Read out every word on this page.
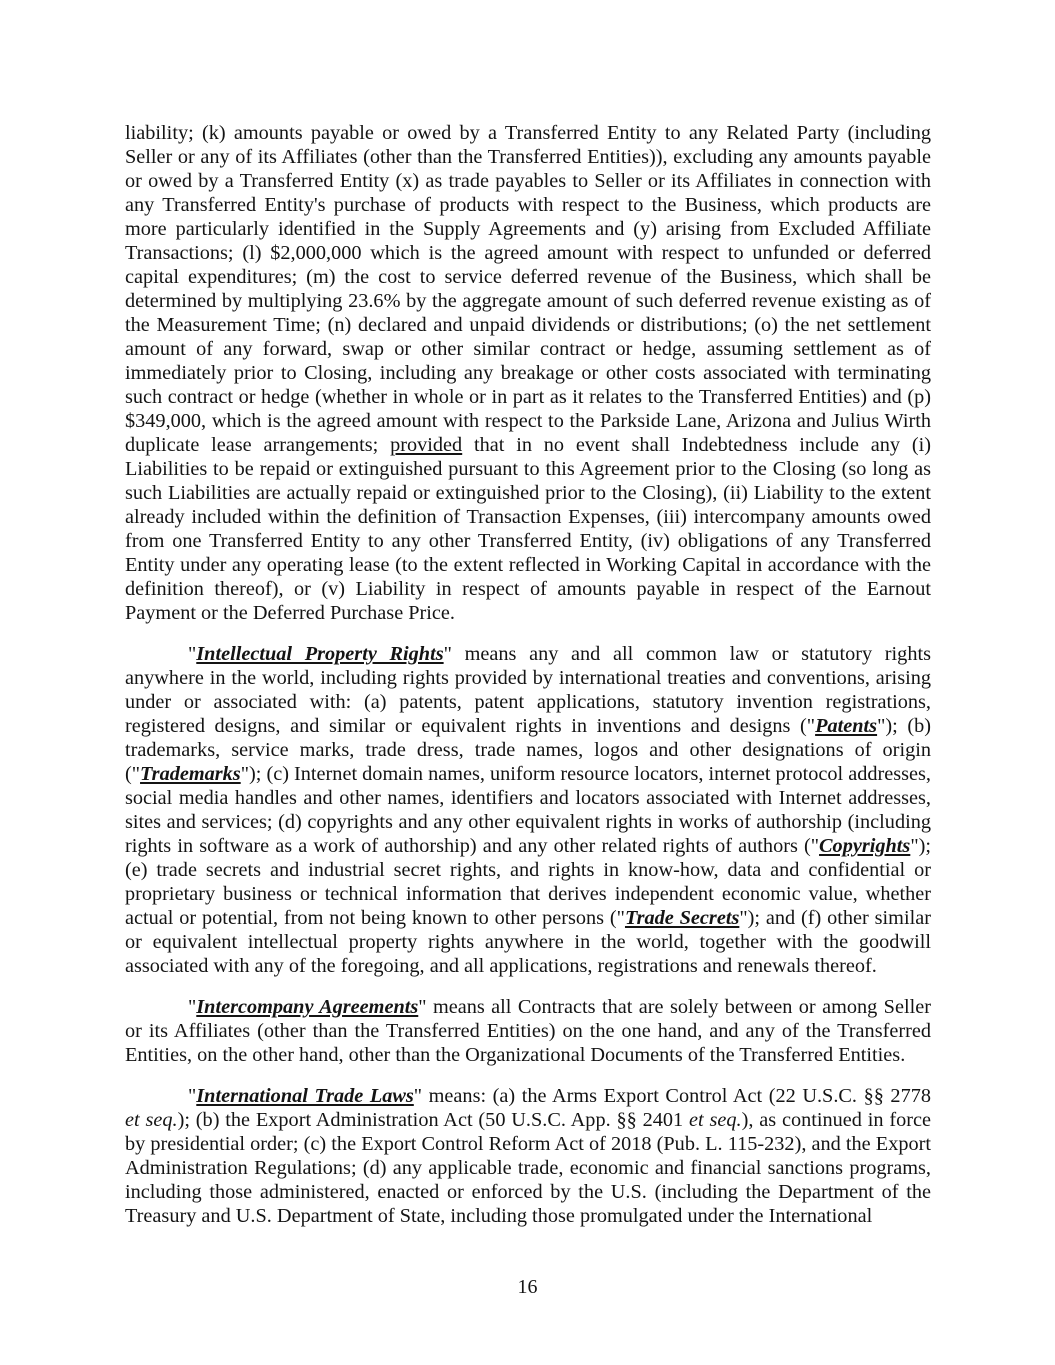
liability; (k) amounts payable or owed by a Transferred Entity to any Related Party (including Seller or any of its Affiliates (other than the Transferred Entities)), excluding any amounts payable or owed by a Transferred Entity (x) as trade payables to Seller or its Affiliates in connection with any Transferred Entity's purchase of products with respect to the Business, which products are more particularly identified in the Supply Agreements and (y) arising from Excluded Affiliate Transactions; (l) $2,000,000 which is the agreed amount with respect to unfunded or deferred capital expenditures; (m) the cost to service deferred revenue of the Business, which shall be determined by multiplying 23.6% by the aggregate amount of such deferred revenue existing as of the Measurement Time; (n) declared and unpaid dividends or distributions; (o) the net settlement amount of any forward, swap or other similar contract or hedge, assuming settlement as of immediately prior to Closing, including any breakage or other costs associated with terminating such contract or hedge (whether in whole or in part as it relates to the Transferred Entities) and (p) $349,000, which is the agreed amount with respect to the Parkside Lane, Arizona and Julius Wirth duplicate lease arrangements; provided that in no event shall Indebtedness include any (i) Liabilities to be repaid or extinguished pursuant to this Agreement prior to the Closing (so long as such Liabilities are actually repaid or extinguished prior to the Closing), (ii) Liability to the extent already included within the definition of Transaction Expenses, (iii) intercompany amounts owed from one Transferred Entity to any other Transferred Entity, (iv) obligations of any Transferred Entity under any operating lease (to the extent reflected in Working Capital in accordance with the definition thereof), or (v) Liability in respect of amounts payable in respect of the Earnout Payment or the Deferred Purchase Price.

"Intellectual Property Rights" means any and all common law or statutory rights anywhere in the world, including rights provided by international treaties and conventions, arising under or associated with: (a) patents, patent applications, statutory invention registrations, registered designs, and similar or equivalent rights in inventions and designs ("Patents"); (b) trademarks, service marks, trade dress, trade names, logos and other designations of origin ("Trademarks"); (c) Internet domain names, uniform resource locators, internet protocol addresses, social media handles and other names, identifiers and locators associated with Internet addresses, sites and services; (d) copyrights and any other equivalent rights in works of authorship (including rights in software as a work of authorship) and any other related rights of authors ("Copyrights"); (e) trade secrets and industrial secret rights, and rights in know-how, data and confidential or proprietary business or technical information that derives independent economic value, whether actual or potential, from not being known to other persons ("Trade Secrets"); and (f) other similar or equivalent intellectual property rights anywhere in the world, together with the goodwill associated with any of the foregoing, and all applications, registrations and renewals thereof.

"Intercompany Agreements" means all Contracts that are solely between or among Seller or its Affiliates (other than the Transferred Entities) on the one hand, and any of the Transferred Entities, on the other hand, other than the Organizational Documents of the Transferred Entities.

"International Trade Laws" means: (a) the Arms Export Control Act (22 U.S.C. §§ 2778 et seq.); (b) the Export Administration Act (50 U.S.C. App. §§ 2401 et seq.), as continued in force by presidential order; (c) the Export Control Reform Act of 2018 (Pub. L. 115-232), and the Export Administration Regulations; (d) any applicable trade, economic and financial sanctions programs, including those administered, enacted or enforced by the U.S. (including the Department of the Treasury and U.S. Department of State, including those promulgated under the International

16
